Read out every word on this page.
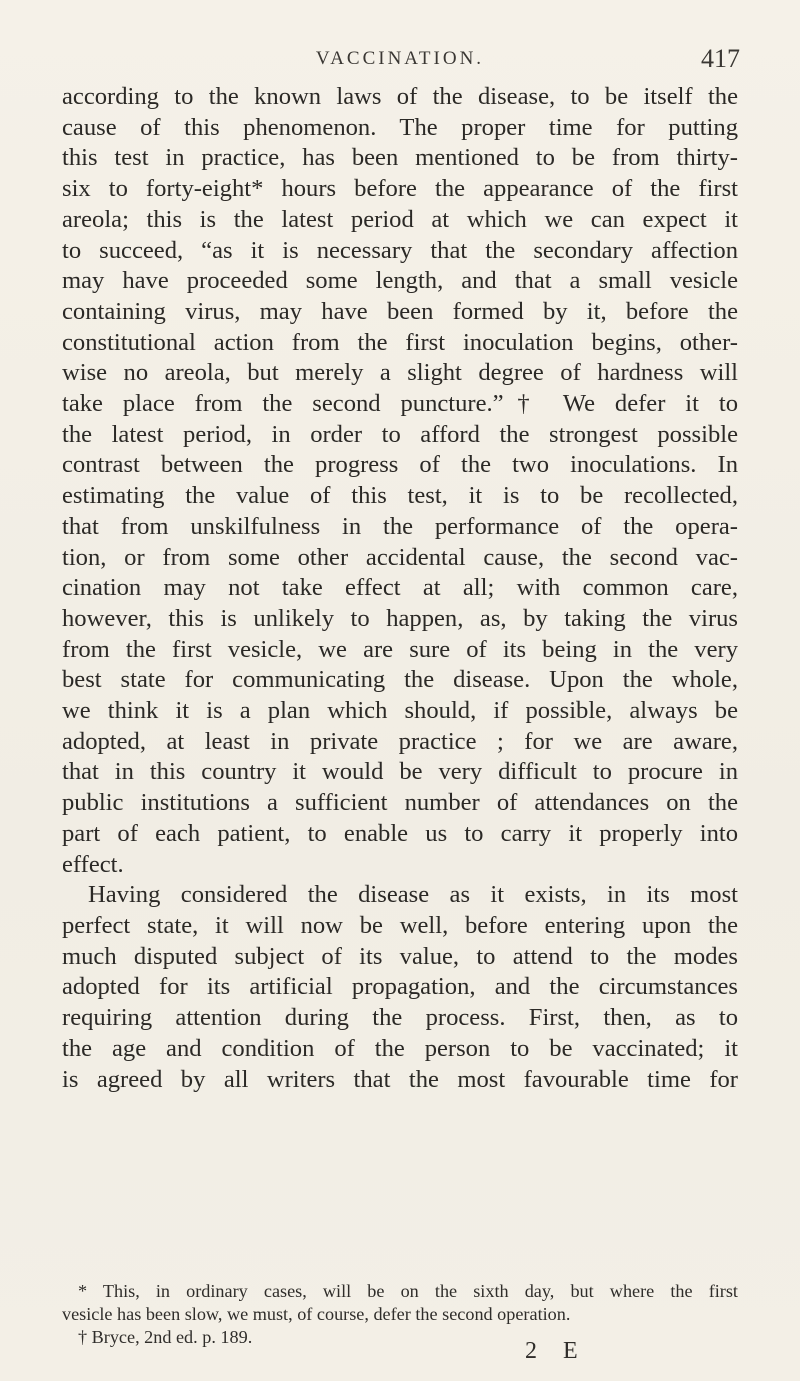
VACCINATION.	417
according to the known laws of the disease, to be itself the
cause of this phenomenon. The proper time for putting
this test in practice, has been mentioned to be from thirty-
six to forty-eight* hours before the appearance of the first
areola; this is the latest period at which we can expect it
to succeed, “as it is necessary that the secondary affection
may have proceeded some length, and that a small vesicle
containing virus, may have been formed by it, before the
constitutional action from the first inoculation begins, other-
wise no areola, but merely a slight degree of hardness will
take place from the second puncture.”† We defer it to
the latest period, in order to afford the strongest possible
contrast between the progress of the two inoculations. In
estimating the value of this test, it is to be recollected,
that from unskilfulness in the performance of the opera-
tion, or from some other accidental cause, the second vac-
cination may not take effect at all; with common care,
however, this is unlikely to happen, as, by taking the virus
from the first vesicle, we are sure of its being in the very
best state for communicating the disease. Upon the whole,
we think it is a plan which should, if possible, always be
adopted, at least in private practice ; for we are aware,
that in this country it would be very difficult to procure in
public institutions a sufficient number of attendances on the
part of each patient, to enable us to carry it properly into
effect.
Having considered the disease as it exists, in its most
perfect state, it will now be well, before entering upon the
much disputed subject of its value, to attend to the modes
adopted for its artificial propagation, and the circumstances
requiring attention during the process. First, then, as to
the age and condition of the person to be vaccinated; it
is agreed by all writers that the most favourable time for
* This, in ordinary cases, will be on the sixth day, but where the first
vesicle has been slow, we must, of course, defer the second operation.
† Bryce, 2nd ed. p. 189.
2 E
